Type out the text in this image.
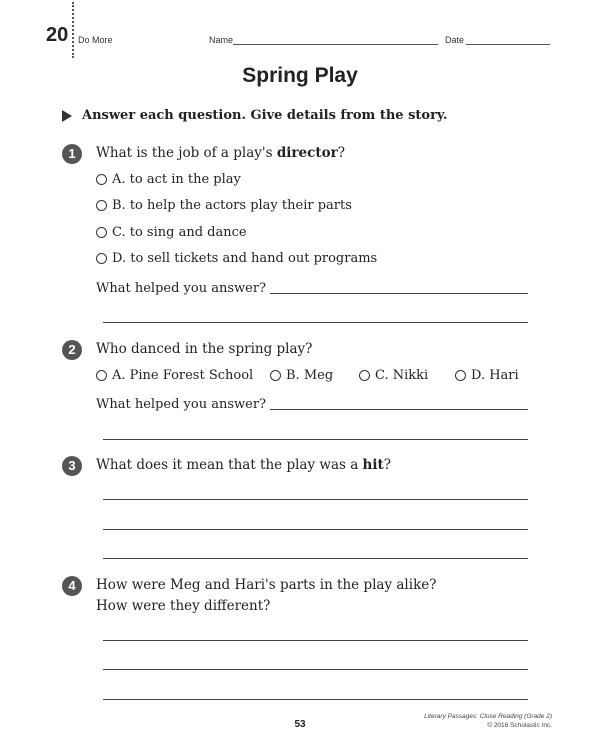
20 Do More	Name	Date
Spring Play
Answer each question. Give details from the story.
1	What is the job of a play's director?
A. to act in the play
B. to help the actors play their parts
C. to sing and dance
D. to sell tickets and hand out programs
What helped you answer?
2	Who danced in the spring play?
A. Pine Forest School	B. Meg	C. Nikki	D. Hari
What helped you answer?
3	What does it mean that the play was a hit?
4	How were Meg and Hari's parts in the play alike?
How were they different?
53
Literary Passages: Close Reading (Grade 2)
© 2016 Scholastic Inc.
